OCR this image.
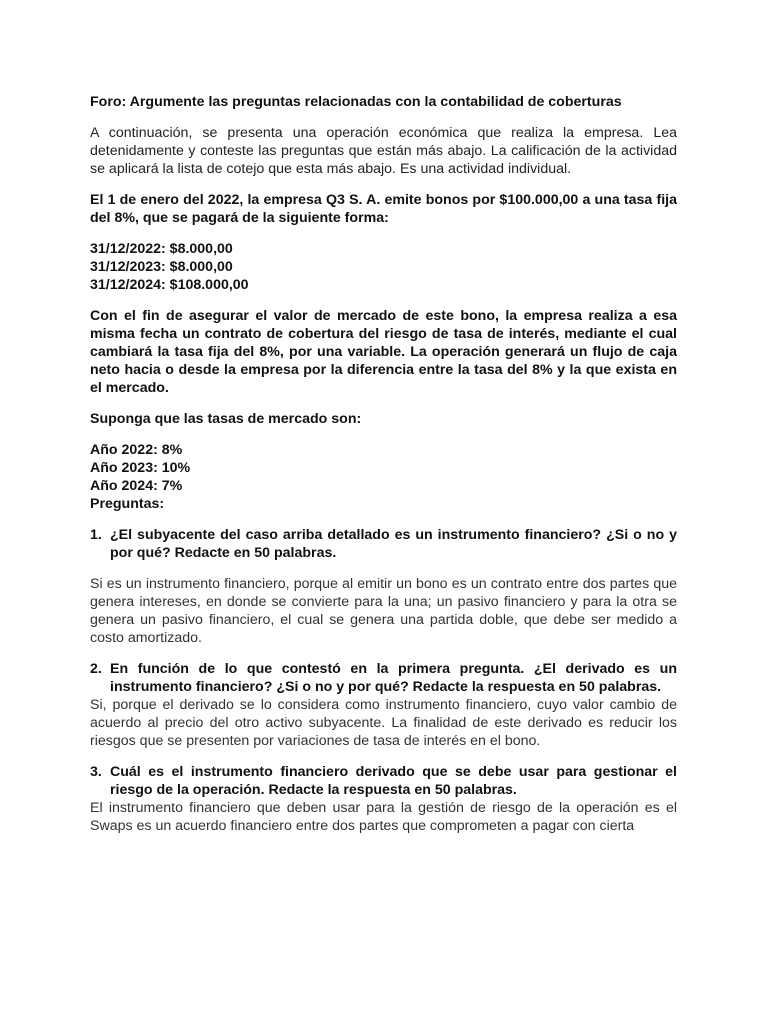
Foro: Argumente las preguntas relacionadas con la contabilidad de coberturas

A continuación, se presenta una operación económica que realiza la empresa. Lea detenidamente y conteste las preguntas que están más abajo. La calificación de la actividad se aplicará la lista de cotejo que esta más abajo. Es una actividad individual.

El 1 de enero del 2022, la empresa Q3 S. A. emite bonos por $100.000,00 a una tasa fija del 8%, que se pagará de la siguiente forma:

31/12/2022: $8.000,00

31/12/2023: $8.000,00

31/12/2024: $108.000,00

Con el fin de asegurar el valor de mercado de este bono, la empresa realiza a esa misma fecha un contrato de cobertura del riesgo de tasa de interés, mediante el cual cambiará la tasa fija del 8%, por una variable. La operación generará un flujo de caja neto hacia o desde la empresa por la diferencia entre la tasa del 8% y la que exista en el mercado.

Suponga que las tasas de mercado son:

Año 2022: 8%

Año 2023: 10%

Año 2024: 7%

Preguntas:

1. ¿El subyacente del caso arriba detallado es un instrumento financiero? ¿Si o no y por qué? Redacte en 50 palabras.

Si es un instrumento financiero, porque al emitir un bono es un contrato entre dos partes que genera intereses, en donde se convierte para la una; un pasivo financiero y para la otra se genera un pasivo financiero, el cual se genera una partida doble, que debe ser medido a costo amortizado.

2. En función de lo que contestó en la primera pregunta. ¿El derivado es un instrumento financiero? ¿Si o no y por qué? Redacte la respuesta en 50 palabras.

Si, porque el derivado se lo considera como instrumento financiero, cuyo valor cambio de acuerdo al precio del otro activo subyacente. La finalidad de este derivado es reducir los riesgos que se presenten por variaciones de tasa de interés en el bono.

3. Cuál es el instrumento financiero derivado que se debe usar para gestionar el riesgo de la operación. Redacte la respuesta en 50 palabras.

El instrumento financiero que deben usar para la gestión de riesgo de la operación es el Swaps es un acuerdo financiero entre dos partes que comprometen a pagar con cierta
